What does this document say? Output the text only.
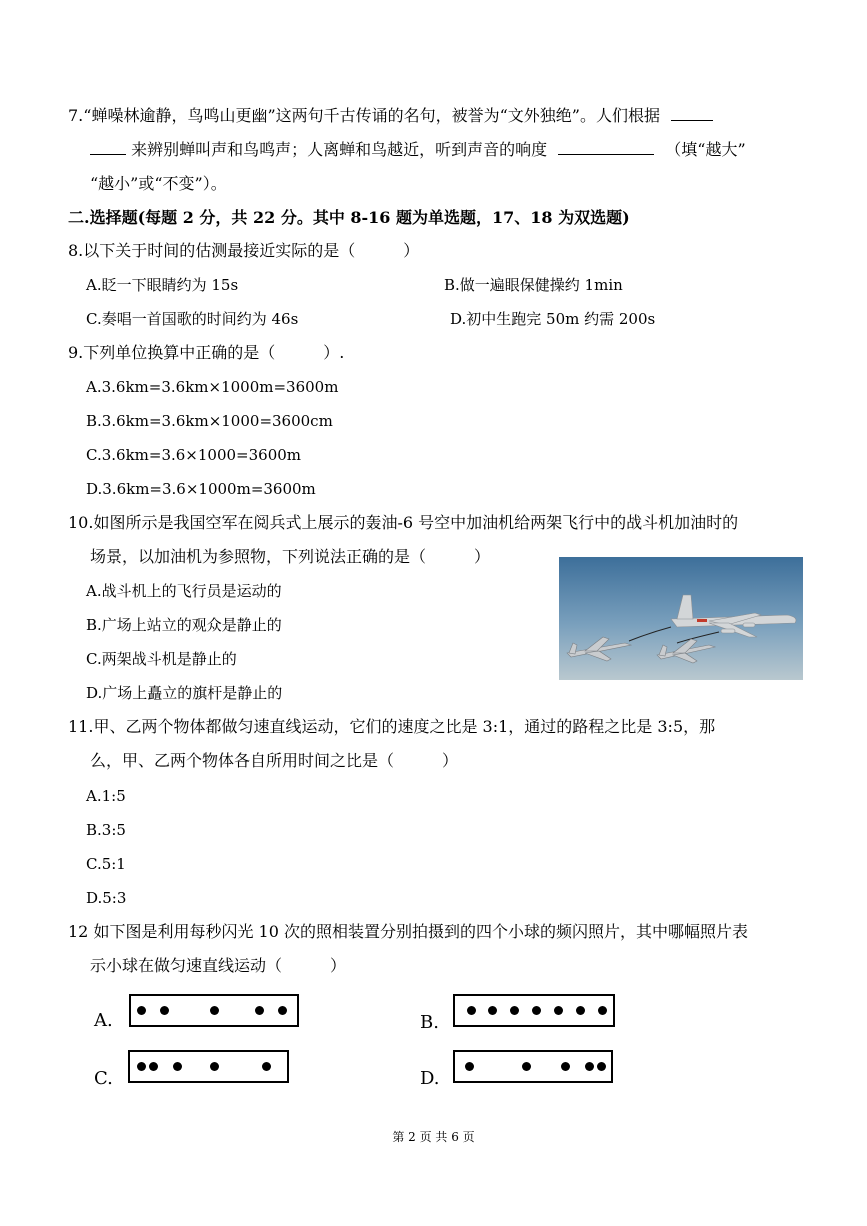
7.“蝉噪林逾静，鸟鸣山更幽”这两句千古传诵的名句，被誉为“文外独绝”。人们根据
来辨别蝉叫声和鸟鸣声；人离蝉和鸟越近，听到声音的响度	（填“越大”
“越小”或“不变”）。
二.选择题(每题 2 分，共 22 分。其中 8-16 题为单选题，17、18 为双选题)
8.以下关于时间的估测最接近实际的是（　　　）
A.眨一下眼睛约为 15s	B.做一遍眼保健操约 1min
C.奏唱一首国歌的时间约为 46s	D.初中生跑完 50m 约需 200s
9.下列单位换算中正确的是（　　　）.
A.3.6km=3.6km×1000m=3600m
B.3.6km=3.6km×1000=3600cm
C.3.6km=3.6×1000=3600m
D.3.6km=3.6×1000m=3600m
10.如图所示是我国空军在阅兵式上展示的轰油-6 号空中加油机给两架飞行中的战斗机加油时的
场景，以加油机为参照物，下列说法正确的是（　　　）
A.战斗机上的飞行员是运动的
B.广场上站立的观众是静止的
C.两架战斗机是静止的
D.广场上矗立的旗杆是静止的
11.甲、乙两个物体都做匀速直线运动，它们的速度之比是 3:1，通过的路程之比是 3:5，那
么，甲、乙两个物体各自所用时间之比是（　　　）
A.1:5
B.3:5
C.5:1
D.5:3
12 如下图是利用每秒闪光 10 次的照相装置分别拍摄到的四个小球的频闪照片，其中哪幅照片表
示小球在做匀速直线运动（　　　）
A.	B.
C.	D.
第 2 页 共 6 页
